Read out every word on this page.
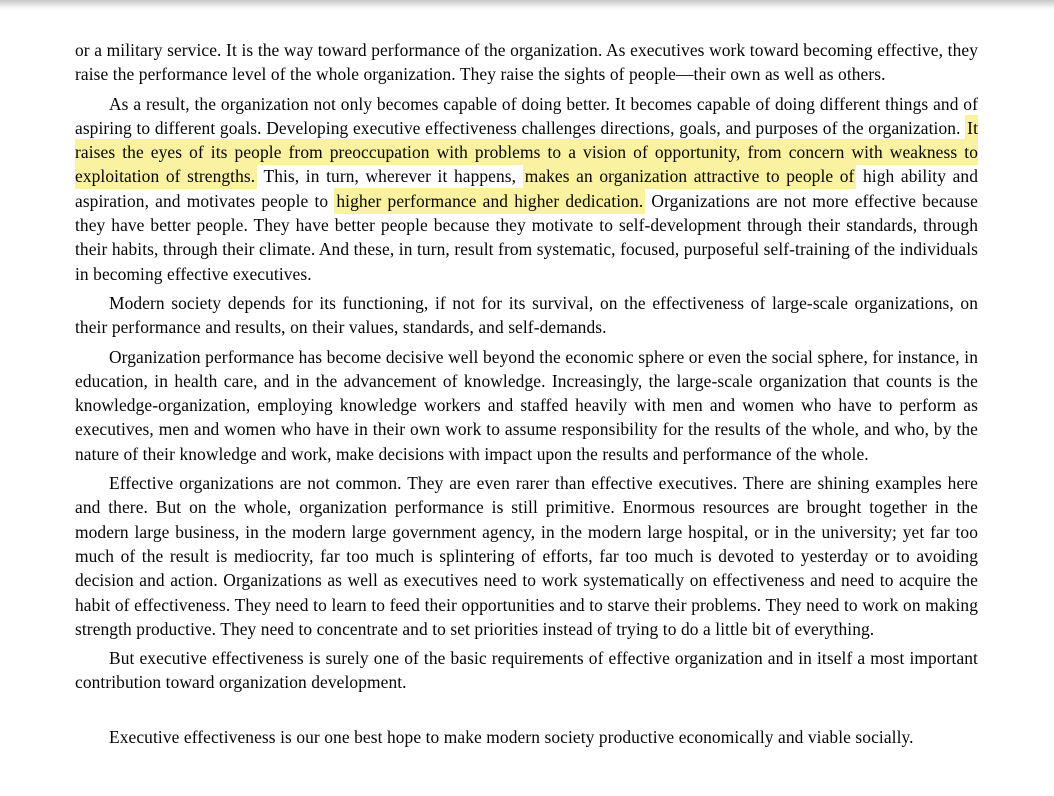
or a military service. It is the way toward performance of the organization. As executives work toward becoming effective, they raise the performance level of the whole organization. They raise the sights of people—their own as well as others.

As a result, the organization not only becomes capable of doing better. It becomes capable of doing different things and of aspiring to different goals. Developing executive effectiveness challenges directions, goals, and purposes of the organization. It raises the eyes of its people from preoccupation with problems to a vision of opportunity, from concern with weakness to exploitation of strengths. This, in turn, wherever it happens, makes an organization attractive to people of high ability and aspiration, and motivates people to higher performance and higher dedication. Organizations are not more effective because they have better people. They have better people because they motivate to self-development through their standards, through their habits, through their climate. And these, in turn, result from systematic, focused, purposeful self-training of the individuals in becoming effective executives.

Modern society depends for its functioning, if not for its survival, on the effectiveness of large-scale organizations, on their performance and results, on their values, standards, and self-demands.

Organization performance has become decisive well beyond the economic sphere or even the social sphere, for instance, in education, in health care, and in the advancement of knowledge. Increasingly, the large-scale organization that counts is the knowledge-organization, employing knowledge workers and staffed heavily with men and women who have to perform as executives, men and women who have in their own work to assume responsibility for the results of the whole, and who, by the nature of their knowledge and work, make decisions with impact upon the results and performance of the whole.

Effective organizations are not common. They are even rarer than effective executives. There are shining examples here and there. But on the whole, organization performance is still primitive. Enormous resources are brought together in the modern large business, in the modern large government agency, in the modern large hospital, or in the university; yet far too much of the result is mediocrity, far too much is splintering of efforts, far too much is devoted to yesterday or to avoiding decision and action. Organizations as well as executives need to work systematically on effectiveness and need to acquire the habit of effectiveness. They need to learn to feed their opportunities and to starve their problems. They need to work on making strength productive. They need to concentrate and to set priorities instead of trying to do a little bit of everything.

But executive effectiveness is surely one of the basic requirements of effective organization and in itself a most important contribution toward organization development.

Executive effectiveness is our one best hope to make modern society productive economically and viable socially.
